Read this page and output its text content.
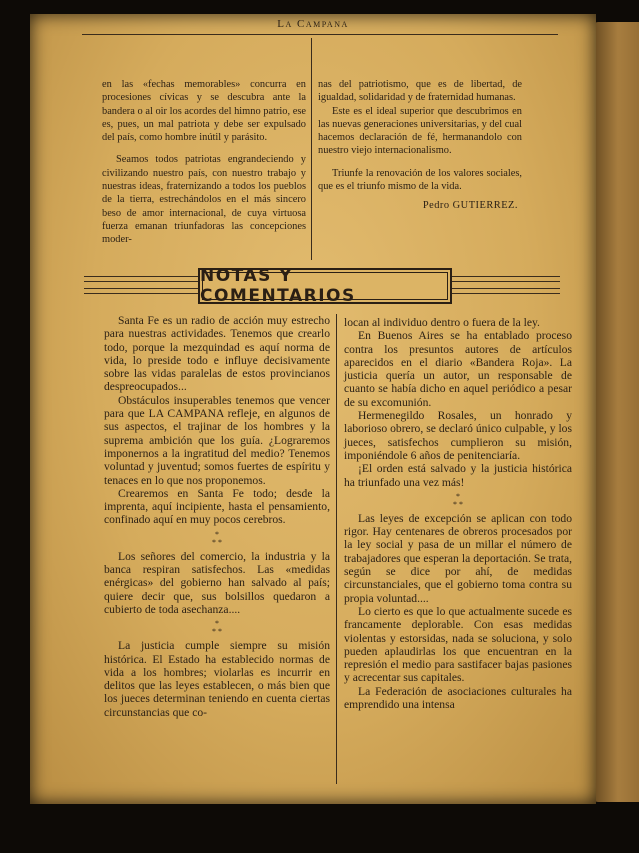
La Campana

en las «fechas memorables» concurra en procesiones cívicas y se descubra ante la bandera o al oir los acordes del himno patrio, ese es, pues, un mal patriota y debe ser expulsado del país, como hombre inútil y parásito.

Seamos todos patriotas engrandeciendo y civilizando nuestro país, con nuestro trabajo y nuestras ideas, fraternizando a todos los pueblos de la tierra, estrechándolos en el más sincero beso de amor internacional, de cuya virtuosa fuerza emanan triunfadoras las concepciones moder-

nas del patriotismo, que es de libertad, de igualdad, solidaridad y de fraternidad humanas.

Este es el ideal superior que descubrimos en las nuevas generaciones universitarias, y del cual hacemos declaración de fé, hermanandolo con nuestro viejo internacionalismo.

Triunfe la renovación de los valores sociales, que es el triunfo mismo de la vida.

Pedro GUTIERREZ.

NOTAS Y COMENTARIOS

Santa Fe es un radio de acción muy estrecho para nuestras actividades. Tenemos que crearlo todo, porque la mezquindad es aquí norma de vida, lo preside todo e influye decisivamente sobre las vidas paralelas de estos provincianos despreocupados...

Obstáculos insuperables tenemos que vencer para que LA CAMPANA refleje, en algunos de sus aspectos, el trajinar de los hombres y la suprema ambición que los guía. ¿Lograremos imponernos a la ingratitud del medio? Tenemos voluntad y juventud; somos fuertes de espíritu y tenaces en lo que nos proponemos.

Crearemos en Santa Fe todo; desde la imprenta, aquí incipiente, hasta el pensamiento, confinado aquí en muy pocos cerebros.

*
* *

Los señores del comercio, la industria y la banca respiran satisfechos. Las «medidas enérgicas» del gobierno han salvado al país; quiere decir que, sus bolsillos quedaron a cubierto de toda asechanza....

*
* *

La justicia cumple siempre su misión histórica. El Estado ha establecido normas de vida a los hombres; violarlas es incurrir en delitos que las leyes establecen, o más bien que los jueces determinan teniendo en cuenta ciertas circunstancias que co-

locan al individuo dentro o fuera de la ley.

En Buenos Aires se ha entablado proceso contra los presuntos autores de artículos aparecidos en el diario «Bandera Roja». La justicia quería un autor, un responsable de cuanto se había dicho en aquel periódico a pesar de su excomunión.

Hermenegildo Rosales, un honrado y laborioso obrero, se declaró único culpable, y los jueces, satisfechos cumplieron su misión, imponiéndole 6 años de penitenciaría.

¡El orden está salvado y la justicia histórica ha triunfado una vez más!

*
* *

Las leyes de excepción se aplican con todo rigor. Hay centenares de obreros procesados por la ley social y pasa de un millar el número de trabajadores que esperan la deportación. Se trata, según se dice por ahí, de medidas circunstanciales, que el gobierno toma contra su propia voluntad....

Lo cierto es que lo que actualmente sucede es francamente deplorable. Con esas medidas violentas y estorsidas, nada se soluciona, y solo pueden aplaudirlas los que encuentran en la represión el medio para sastifacer bajas pasiones y acrecentar sus capitales.

La Federación de asociaciones culturales ha emprendido una intensa
